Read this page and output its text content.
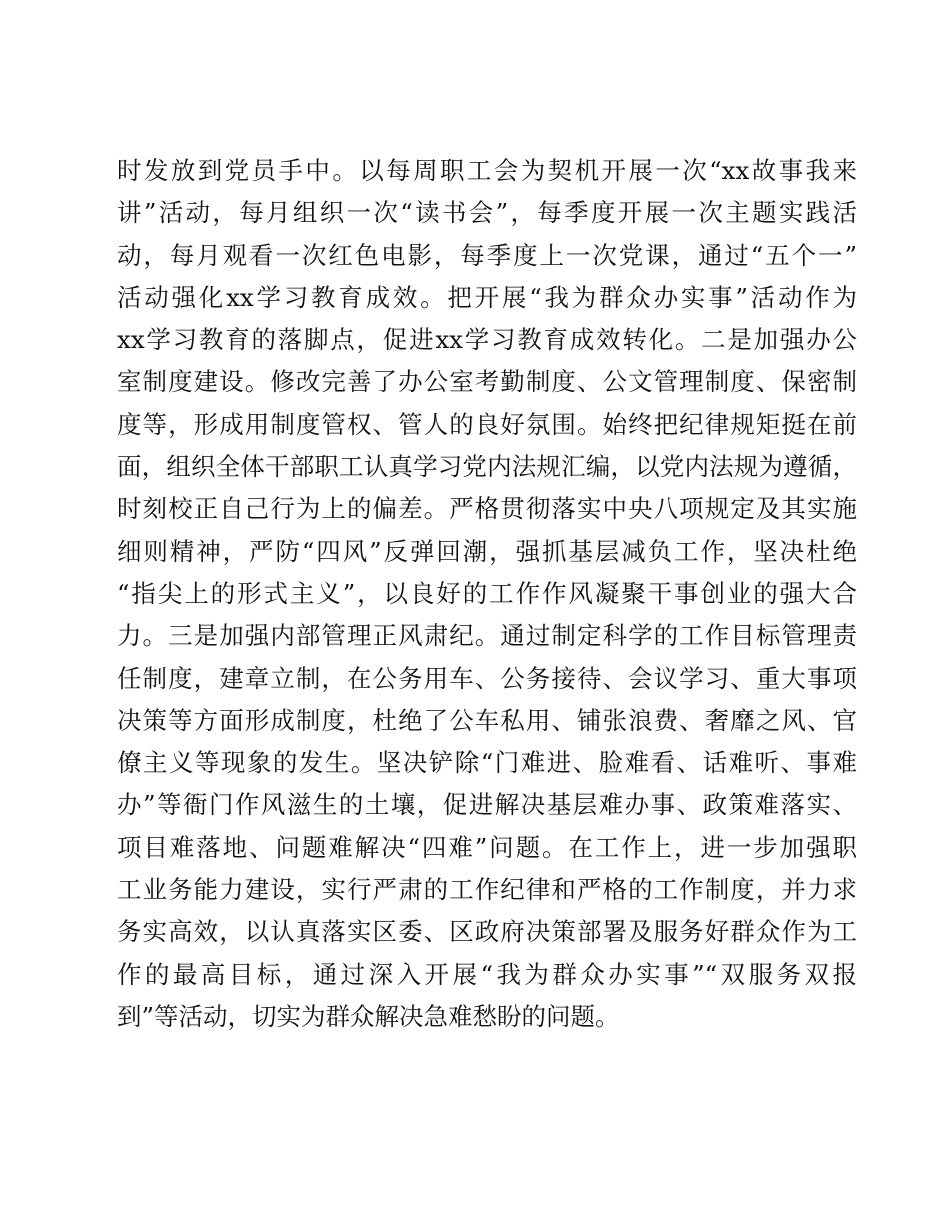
时发放到党员手中。以每周职工会为契机开展一次“xx故事我来
讲”活动，每月组织一次“读书会”，每季度开展一次主题实践活
动，每月观看一次红色电影，每季度上一次党课，通过“五个一”
活动强化xx学习教育成效。把开展“我为群众办实事”活动作为
xx学习教育的落脚点，促进xx学习教育成效转化。二是加强办公
室制度建设。修改完善了办公室考勤制度、公文管理制度、保密制
度等，形成用制度管权、管人的良好氛围。始终把纪律规矩挺在前
面，组织全体干部职工认真学习党内法规汇编，以党内法规为遵循，
时刻校正自己行为上的偏差。严格贯彻落实中央八项规定及其实施
细则精神，严防“四风”反弹回潮，强抓基层减负工作，坚决杜绝
“指尖上的形式主义”，以良好的工作作风凝聚干事创业的强大合
力。三是加强内部管理正风肃纪。通过制定科学的工作目标管理责
任制度，建章立制，在公务用车、公务接待、会议学习、重大事项
决策等方面形成制度，杜绝了公车私用、铺张浪费、奢靡之风、官
僚主义等现象的发生。坚决铲除“门难进、脸难看、话难听、事难
办”等衙门作风滋生的土壤，促进解决基层难办事、政策难落实、
项目难落地、问题难解决“四难”问题。在工作上，进一步加强职
工业务能力建设，实行严肃的工作纪律和严格的工作制度，并力求
务实高效，以认真落实区委、区政府决策部署及服务好群众作为工
作的最高目标，通过深入开展“我为群众办实事”“双服务双报
到”等活动，切实为群众解决急难愁盼的问题。
